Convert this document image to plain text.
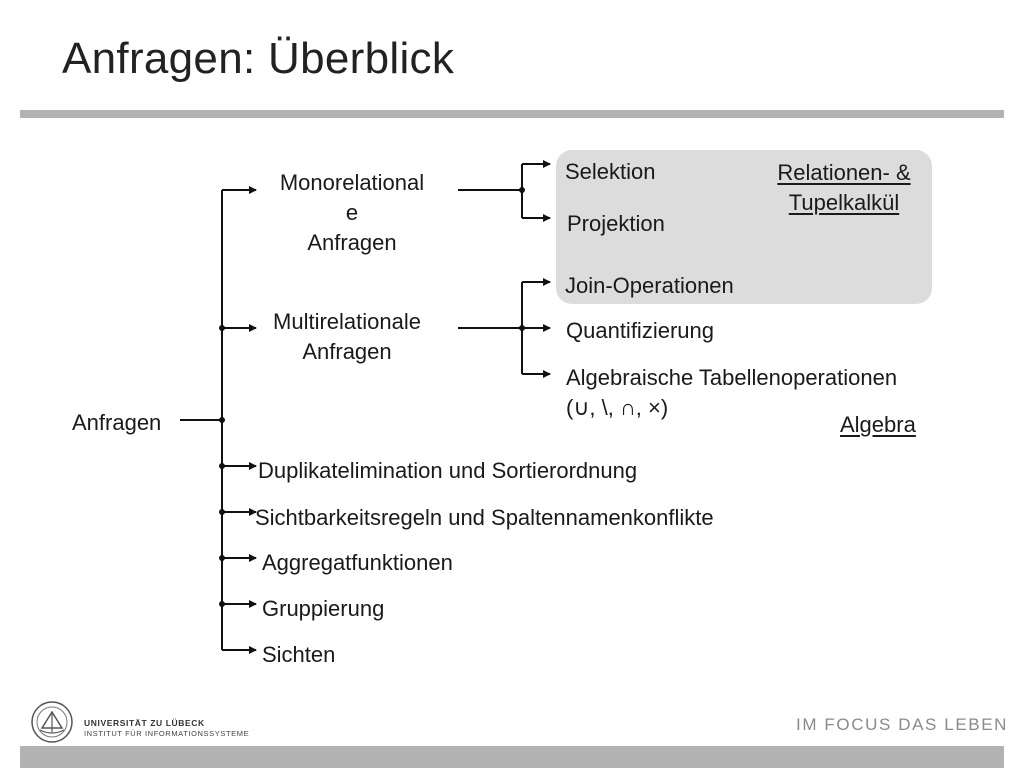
Anfragen: Überblick
Anfragen
Monorelational
e
Anfragen
Multirelationale
Anfragen
Selektion
Projektion
Relationen- &
Tupelkalkül
Join-Operationen
Quantifizierung
Algebraische Tabellenoperationen
(∪, \, ∩, ×)
Algebra
Duplikatelimination und Sortierordnung
Sichtbarkeitsregeln und Spaltennamenkonflikte
Aggregatfunktionen
Gruppierung
Sichten
UNIVERSITÄT ZU LÜBECK
INSTITUT FÜR INFORMATIONSSYSTEME	IM FOCUS DAS LEBEN
